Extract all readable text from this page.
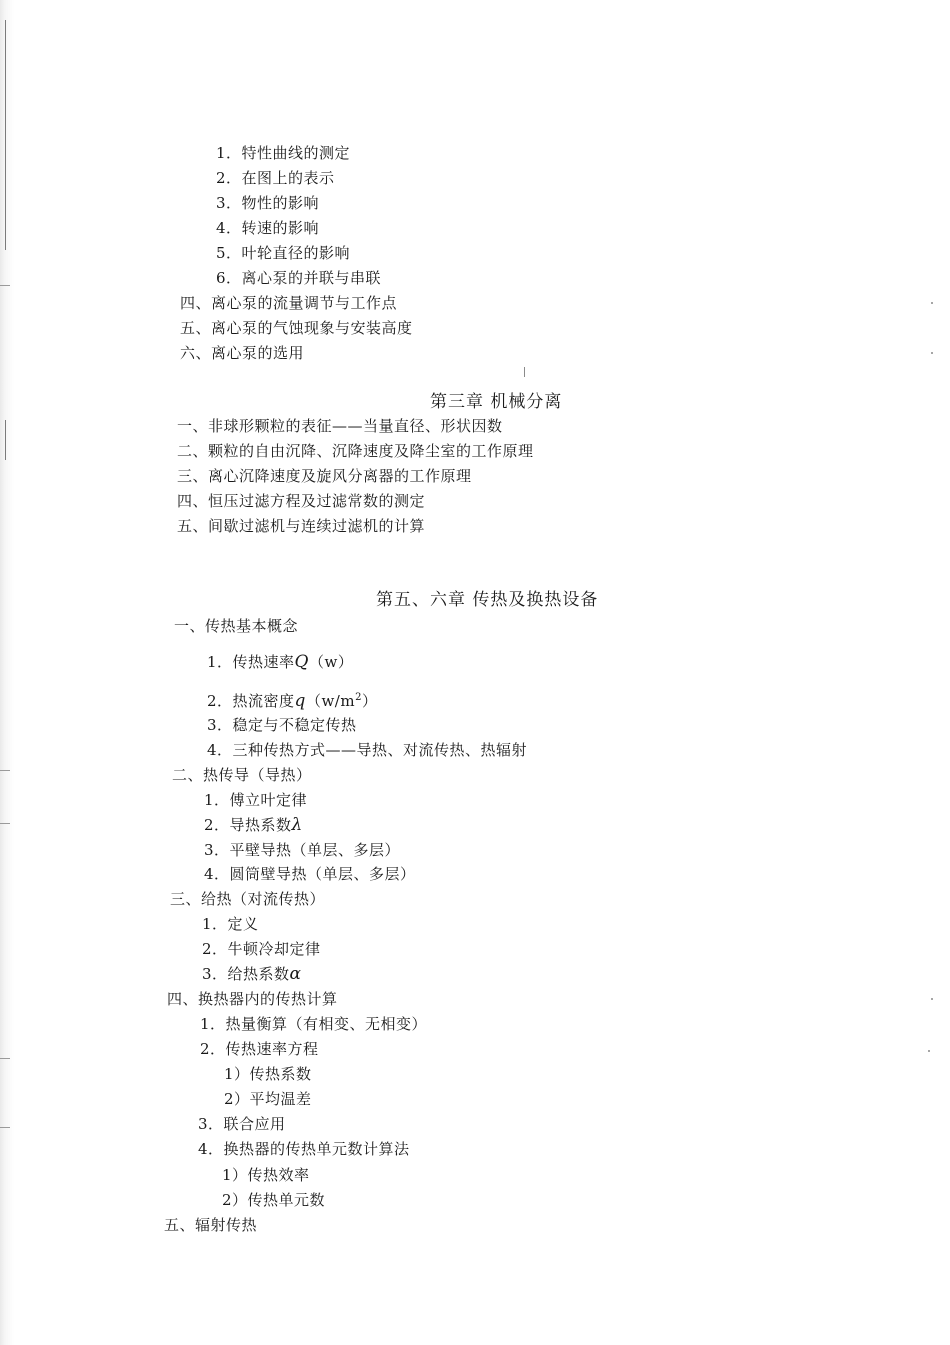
1．特性曲线的测定
2．在图上的表示
3．物性的影响
4．转速的影响
5．叶轮直径的影响
6．离心泵的并联与串联
四、离心泵的流量调节与工作点
五、离心泵的气蚀现象与安装高度
六、离心泵的选用
第三章 机械分离
一、非球形颗粒的表征——当量直径、形状因数
二、颗粒的自由沉降、沉降速度及降尘室的工作原理
三、离心沉降速度及旋风分离器的工作原理
四、恒压过滤方程及过滤常数的测定
五、间歇过滤机与连续过滤机的计算
第五、六章 传热及换热设备
一、传热基本概念
1．传热速率Q（w）
2．热流密度$q(w/m^2)$
3．稳定与不稳定传热
4．三种传热方式——导热、对流传热、热辐射
二、热传导（导热）
1．傅立叶定律
2．导热系数λ
3．平壁导热（单层、多层）
4．圆筒壁导热（单层、多层）
三、给热（对流传热）
1．定义
2．牛顿冷却定律
3．给热系数α
四、换热器内的传热计算
1．热量衡算（有相变、无相变）
2．传热速率方程
1）传热系数
2）平均温差
3．联合应用
4．换热器的传热单元数计算法
1）传热效率
2）传热单元数
五、辐射传热
